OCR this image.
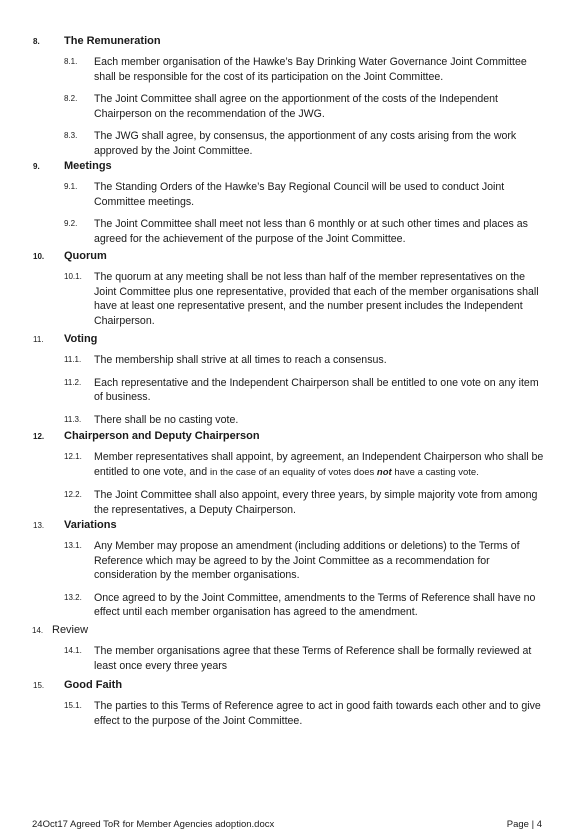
8. The Remuneration
8.1. Each member organisation of the Hawke’s Bay Drinking Water Governance Joint Committee shall be responsible for the cost of its participation on the Joint Committee.
8.2. The Joint Committee shall agree on the apportionment of the costs of the Independent Chairperson on the recommendation of the JWG.
8.3. The JWG shall agree, by consensus, the apportionment of any costs arising from the work approved by the Joint Committee.
9. Meetings
9.1. The Standing Orders of the Hawke’s Bay Regional Council will be used to conduct Joint Committee meetings.
9.2. The Joint Committee shall meet not less than 6 monthly or at such other times and places as agreed for the achievement of the purpose of the Joint Committee.
10. Quorum
10.1. The quorum at any meeting shall be not less than half of the member representatives on the Joint Committee plus one representative, provided that each of the member organisations shall have at least one representative present, and the number present includes the Independent Chairperson.
11. Voting
11.1. The membership shall strive at all times to reach a consensus.
11.2. Each representative and the Independent Chairperson shall be entitled to one vote on any item of business.
11.3. There shall be no casting vote.
12. Chairperson and Deputy Chairperson
12.1. Member representatives shall appoint, by agreement, an Independent Chairperson who shall be entitled to one vote, and in the case of an equality of votes does not have a casting vote.
12.2. The Joint Committee shall also appoint, every three years, by simple majority vote from among the representatives, a Deputy Chairperson.
13. Variations
13.1. Any Member may propose an amendment (including additions or deletions) to the Terms of Reference which may be agreed to by the Joint Committee as a recommendation for consideration by the member organisations.
13.2. Once agreed to by the Joint Committee, amendments to the Terms of Reference shall have no effect until each member organisation has agreed to the amendment.
14. Review
14.1. The member organisations agree that these Terms of Reference shall be formally reviewed at least once every three years
15. Good Faith
15.1. The parties to this Terms of Reference agree to act in good faith towards each other and to give effect to the purpose of the Joint Committee.
24Oct17 Agreed ToR for Member Agencies adoption.docx	Page | 4
